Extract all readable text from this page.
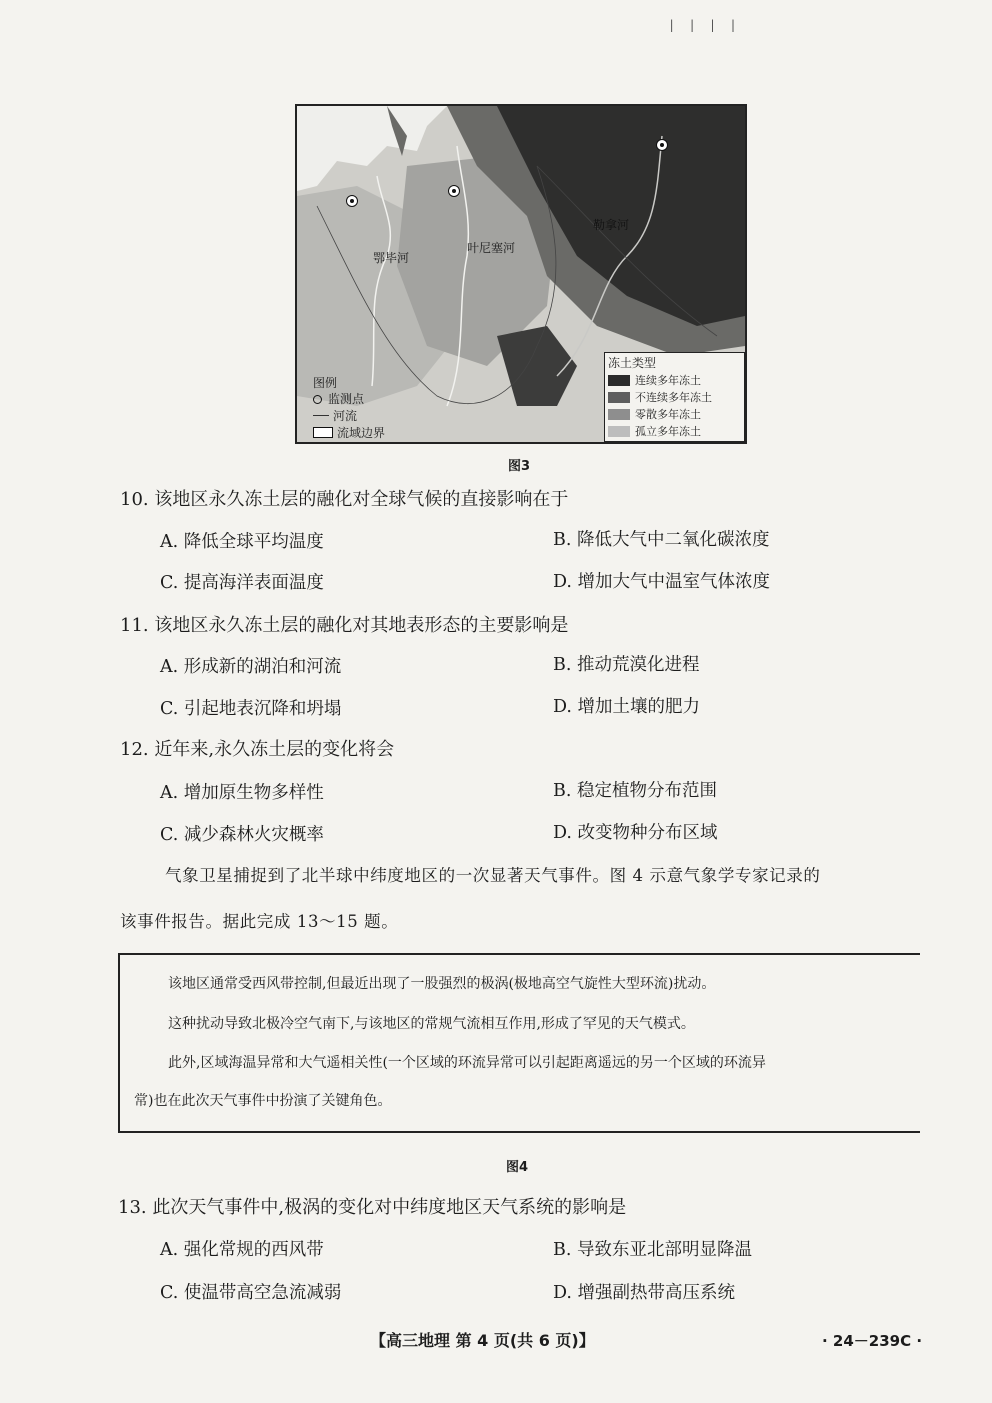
| | | |
鄂毕河
叶尼塞河
勒拿河
图例
监测点
河流
流域边界
冻土类型
连续多年冻土
不连续多年冻土
零散多年冻土
孤立多年冻土
图3
10. 该地区永久冻土层的融化对全球气候的直接影响在于
A. 降低全球平均温度	B. 降低大气中二氧化碳浓度
C. 提高海洋表面温度	D. 增加大气中温室气体浓度
11. 该地区永久冻土层的融化对其地表形态的主要影响是
A. 形成新的湖泊和河流	B. 推动荒漠化进程
C. 引起地表沉降和坍塌	D. 增加土壤的肥力
12. 近年来,永久冻土层的变化将会
A. 增加原生物多样性	B. 稳定植物分布范围
C. 减少森林火灾概率	D. 改变物种分布区域
气象卫星捕捉到了北半球中纬度地区的一次显著天气事件。图 4 示意气象学专家记录的
该事件报告。据此完成 13～15 题。
该地区通常受西风带控制,但最近出现了一股强烈的极涡(极地高空气旋性大型环流)扰动。
这种扰动导致北极冷空气南下,与该地区的常规气流相互作用,形成了罕见的天气模式。
此外,区域海温异常和大气遥相关性(一个区域的环流异常可以引起距离遥远的另一个区域的环流异
常)也在此次天气事件中扮演了关键角色。
图4
13. 此次天气事件中,极涡的变化对中纬度地区天气系统的影响是
A. 强化常规的西风带	B. 导致东亚北部明显降温
C. 使温带高空急流减弱	D. 增强副热带高压系统
【高三地理 第 4 页(共 6 页)】	· 24－239C ·
